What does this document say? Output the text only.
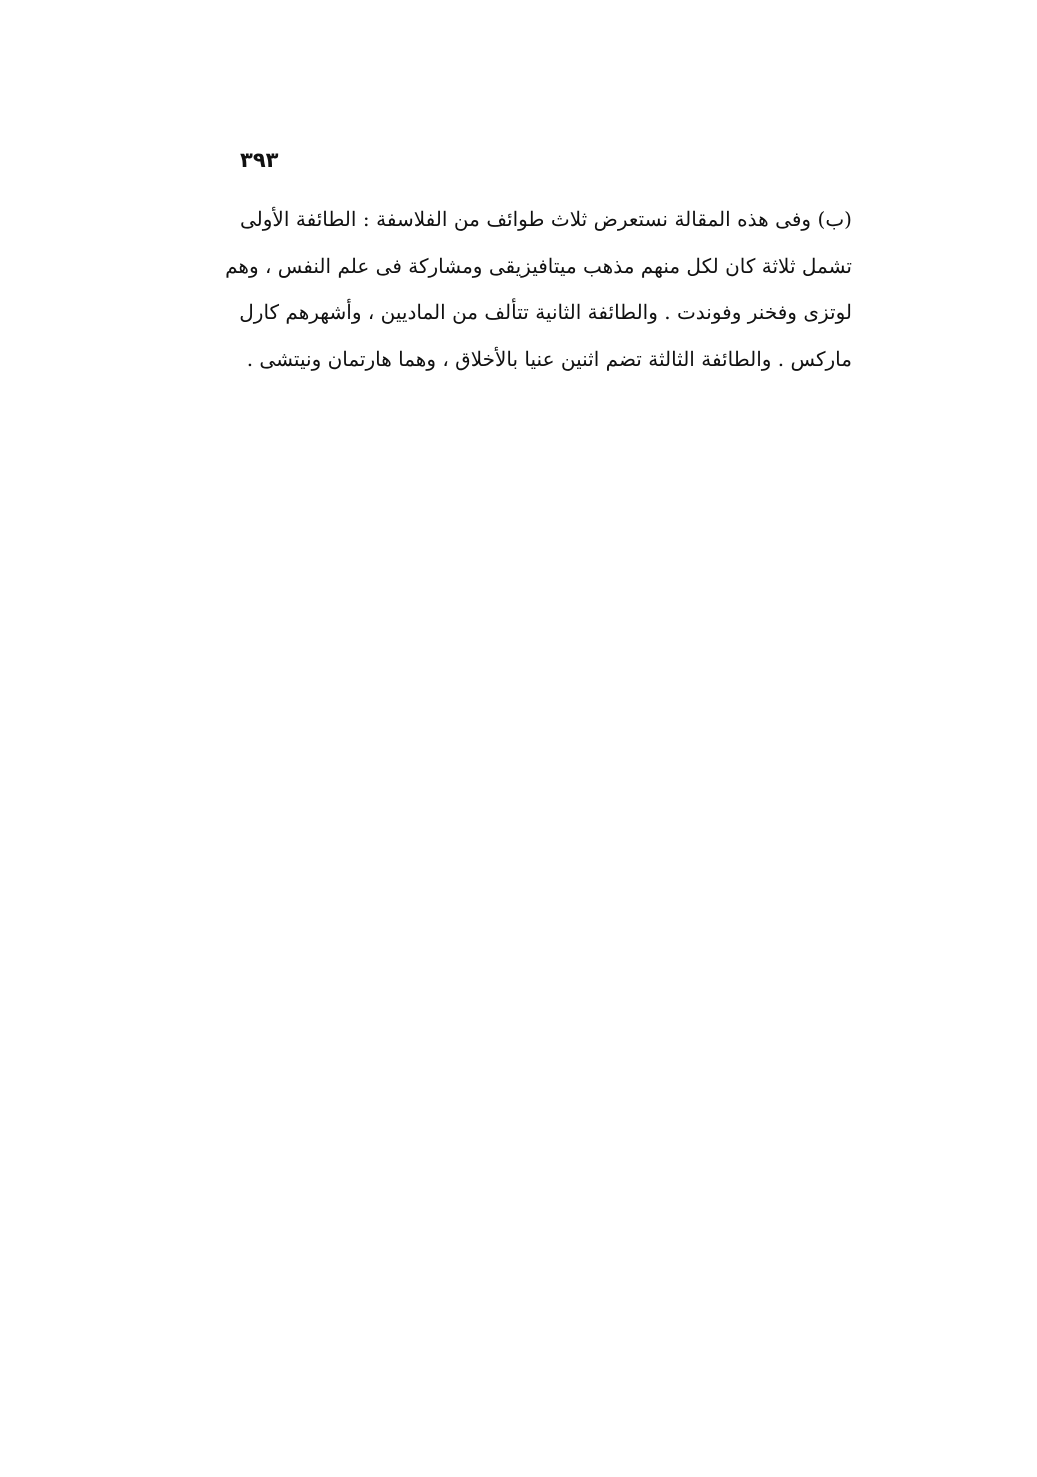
٣٩٣
(ب) وفى هذه المقالة نستعرض ثلاث طوائف من الفلاسفة : الطائفة الأولى
تشمل ثلاثة كان لكل منهم مذهب ميتافيزيقى ومشاركة فى علم النفس ، وهم
لوتزى وفخنر وفوندت . والطائفة الثانية تتألف من الماديين ، وأشهرهم كارل
ماركس . والطائفة الثالثة تضم اثنين عنيا بالأخلاق ، وهما هارتمان ونيتشى .
